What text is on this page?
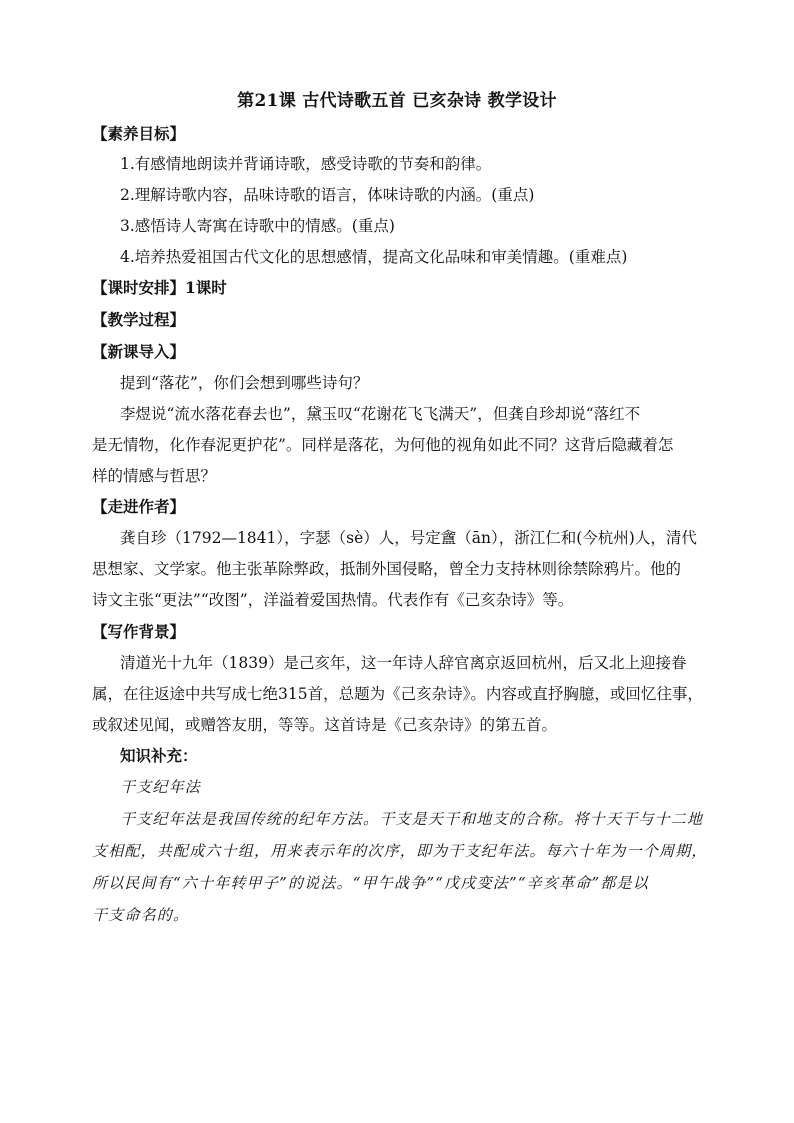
第21课 古代诗歌五首 已亥杂诗 教学设计
【素养目标】
1.有感情地朗读并背诵诗歌，感受诗歌的节奏和韵律。
2.理解诗歌内容，品味诗歌的语言，体味诗歌的内涵。(重点)
3.感悟诗人寄寓在诗歌中的情感。(重点)
4.培养热爱祖国古代文化的思想感情，提高文化品味和审美情趣。(重难点)
【课时安排】1课时
【教学过程】
【新课导入】
提到“落花”，你们会想到哪些诗句？
李煜说“流水落花春去也”，黛玉叹“花谢花飞飞满天”，但龚自珍却说“落红不
是无情物，化作春泥更护花”。同样是落花，为何他的视角如此不同？这背后隐藏着怎
样的情感与哲思？
【走进作者】
龚自珍（1792—1841），字瑟（sè）人，号定盦（ān），浙江仁和(今杭州)人，清代
思想家、文学家。他主张革除弊政，抵制外国侵略，曾全力支持林则徐禁除鸦片。他的
诗文主张“更法”“改图”，洋溢着爱国热情。代表作有《己亥杂诗》等。
【写作背景】
清道光十九年（1839）是己亥年，这一年诗人辞官离京返回杭州，后又北上迎接眷
属，在往返途中共写成七绝315首，总题为《己亥杂诗》。内容或直抒胸臆，或回忆往事，
或叙述见闻，或赠答友朋，等等。这首诗是《己亥杂诗》的第五首。
知识补充：
干支纪年法
干支纪年法是我国传统的纪年方法。干支是天干和地支的合称。将十天干与十二地
支相配，共配成六十组，用来表示年的次序，即为干支纪年法。每六十年为一个周期，
所以民间有“六十年转甲子”的说法。“甲午战争”“戊戌变法”“辛亥革命”都是以
干支命名的。
